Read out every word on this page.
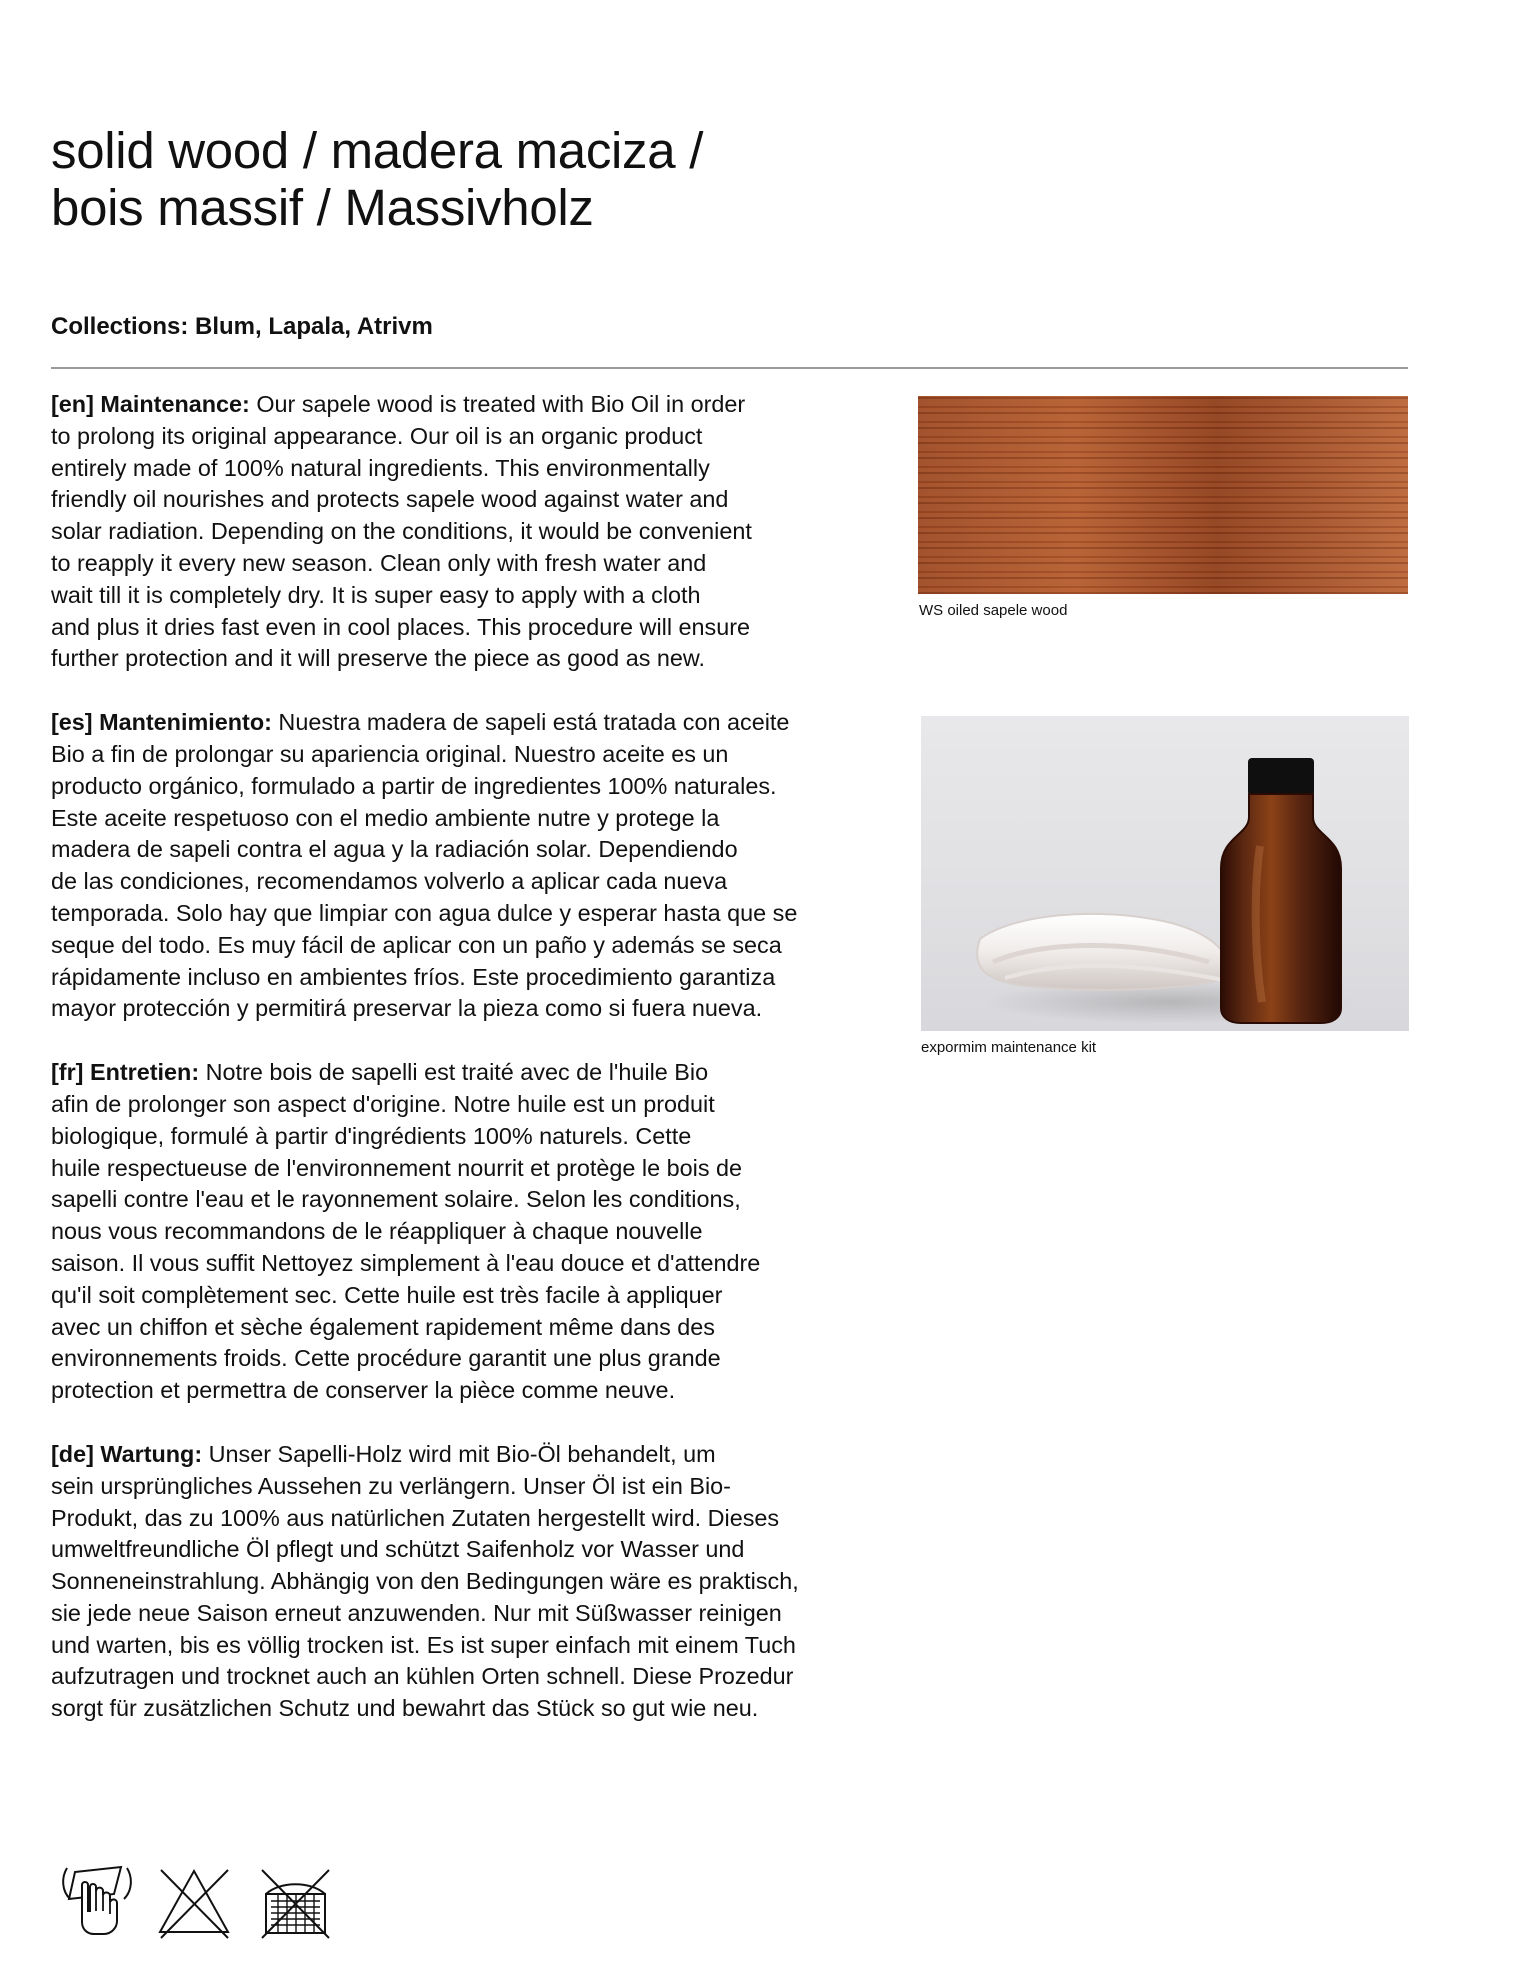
solid wood / madera maciza /
bois massif / Massivholz
Collections: Blum, Lapala, Atrivm
[en] Maintenance: Our sapele wood is treated with Bio Oil in order
to prolong its original appearance. Our oil is an organic product
entirely made of 100% natural ingredients. This environmentally
friendly oil nourishes and protects sapele wood against water and
solar radiation. Depending on the conditions, it would be convenient
to reapply it every new season. Clean only with fresh water and
wait till it is completely dry. It is super easy to apply with a cloth
and plus it dries fast even in cool places. This procedure will ensure
further protection and it will preserve the piece as good as new.
[es] Mantenimiento: Nuestra madera de sapeli está tratada con aceite
Bio a fin de prolongar su apariencia original. Nuestro aceite es un
producto orgánico, formulado a partir de ingredientes 100% naturales.
Este aceite respetuoso con el medio ambiente nutre y protege la
madera de sapeli contra el agua y la radiación solar. Dependiendo
de las condiciones, recomendamos volverlo a aplicar cada nueva
temporada. Solo hay que limpiar con agua dulce y esperar hasta que se
seque del todo. Es muy fácil de aplicar con un paño y además se seca
rápidamente incluso en ambientes fríos. Este procedimiento garantiza
mayor protección y permitirá preservar la pieza como si fuera nueva.
[fr] Entretien: Notre bois de sapelli est traité avec de l'huile Bio
afin de prolonger son aspect d'origine. Notre huile est un produit
biologique, formulé à partir d'ingrédients 100% naturels. Cette
huile respectueuse de l'environnement nourrit et protège le bois de
sapelli contre l'eau et le rayonnement solaire. Selon les conditions,
nous vous recommandons de le réappliquer à chaque nouvelle
saison. Il vous suffit Nettoyez simplement à l'eau douce et d'attendre
qu'il soit complètement sec. Cette huile est très facile à appliquer
avec un chiffon et sèche également rapidement même dans des
environnements froids. Cette procédure garantit une plus grande
protection et permettra de conserver la pièce comme neuve.
[de] Wartung: Unser Sapelli-Holz wird mit Bio-Öl behandelt, um
sein ursprüngliches Aussehen zu verlängern. Unser Öl ist ein Bio-
Produkt, das zu 100% aus natürlichen Zutaten hergestellt wird. Dieses
umweltfreundliche Öl pflegt und schützt Saifenholz vor Wasser und
Sonneneinstrahlung. Abhängig von den Bedingungen wäre es praktisch,
sie jede neue Saison erneut anzuwenden. Nur mit Süßwasser reinigen
und warten, bis es völlig trocken ist. Es ist super einfach mit einem Tuch
aufzutragen und trocknet auch an kühlen Orten schnell. Diese Prozedur
sorgt für zusätzlichen Schutz und bewahrt das Stück so gut wie neu.
WS oiled sapele wood
expormim maintenance kit
